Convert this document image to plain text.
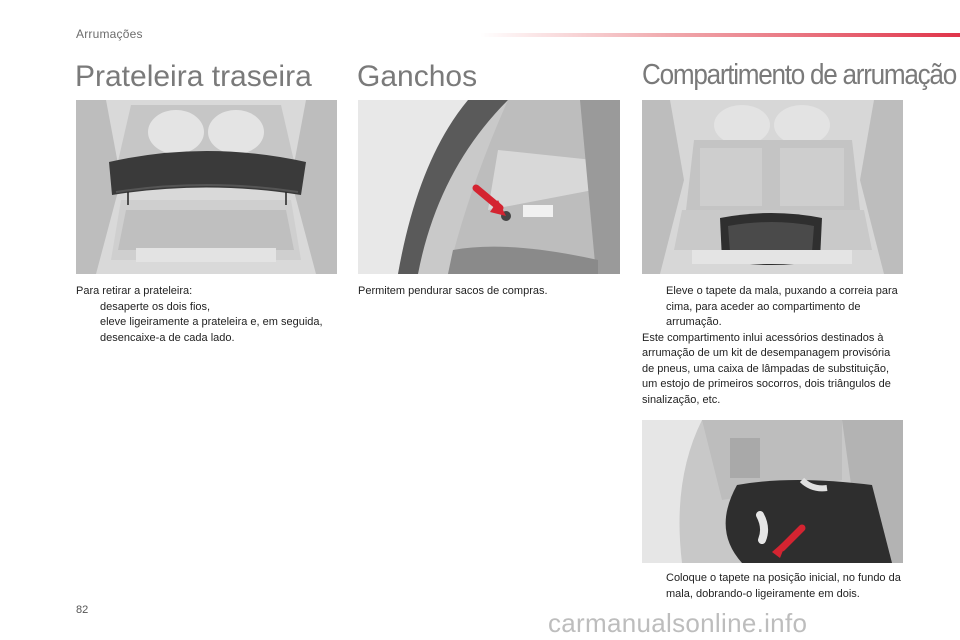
Arrumações
Prateleira traseira Ganchos	Compartimento de arrumação

Para retirar a prateleira:

desaperte os dois fios,

eleve ligeiramente a prateleira e, em seguida, desencaixe-a de cada lado.

Permitem pendurar sacos de compras.	Eleve o tapete da mala, puxando a correia para cima, para aceder ao compartimento de arrumação.

Este compartimento inlui acessórios destinados à arrumação de um kit de desempanagem provisória de pneus, uma caixa de lâmpadas de substituição, um estojo de primeiros socorros, dois triângulos de sinalização, etc.

Coloque o tapete na posição inicial, no fundo da mala, dobrando-o ligeiramente em dois.

82	carmanualsonline.info
